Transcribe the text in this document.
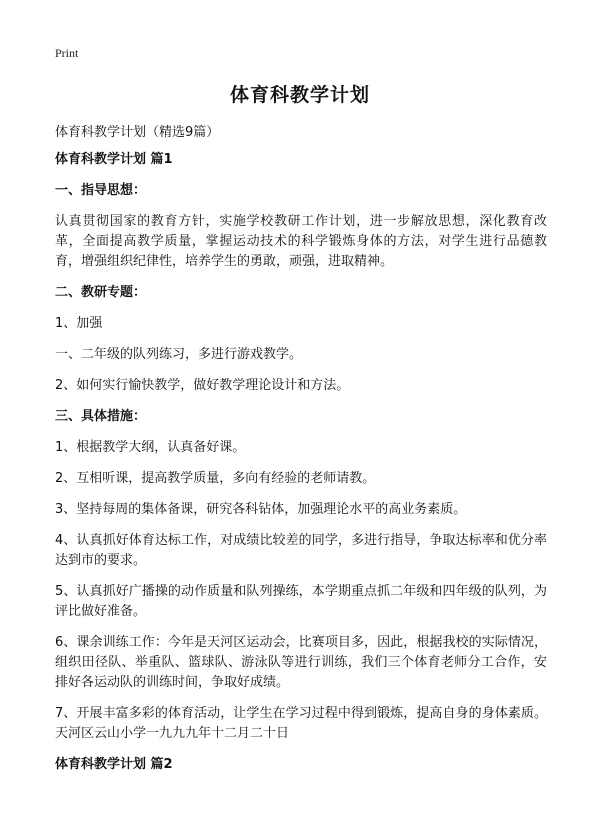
Print
体育科教学计划
体育科教学计划（精选9篇）
体育科教学计划 篇1
一、指导思想：
认真贯彻国家的教育方针，实施学校教研工作计划，进一步解放思想，深化教育改革，全面提高教学质量，掌握运动技术的科学锻炼身体的方法，对学生进行品德教育，增强组织纪律性，培养学生的勇敢，顽强，进取精神。
二、教研专题：
1、加强
一、二年级的队列练习，多进行游戏教学。
2、如何实行愉快教学，做好教学理论设计和方法。
三、具体措施：
1、根据教学大纲，认真备好课。
2、互相听课，提高教学质量，多向有经验的老师请教。
3、坚持每周的集体备课，研究各科钻体，加强理论水平的高业务素质。
4、认真抓好体育达标工作，对成绩比较差的同学，多进行指导，争取达标率和优分率达到市的要求。
5、认真抓好广播操的动作质量和队列操练，本学期重点抓二年级和四年级的队列，为评比做好准备。
6、课余训练工作：今年是天河区运动会，比赛项目多，因此，根据我校的实际情况，组织田径队、举重队、篮球队、游泳队等进行训练，我们三个体育老师分工合作，安排好各运动队的训练时间，争取好成绩。
7、开展丰富多彩的体育活动，让学生在学习过程中得到锻炼，提高自身的身体素质。天河区云山小学一九九九年十二月二十日
体育科教学计划 篇2
